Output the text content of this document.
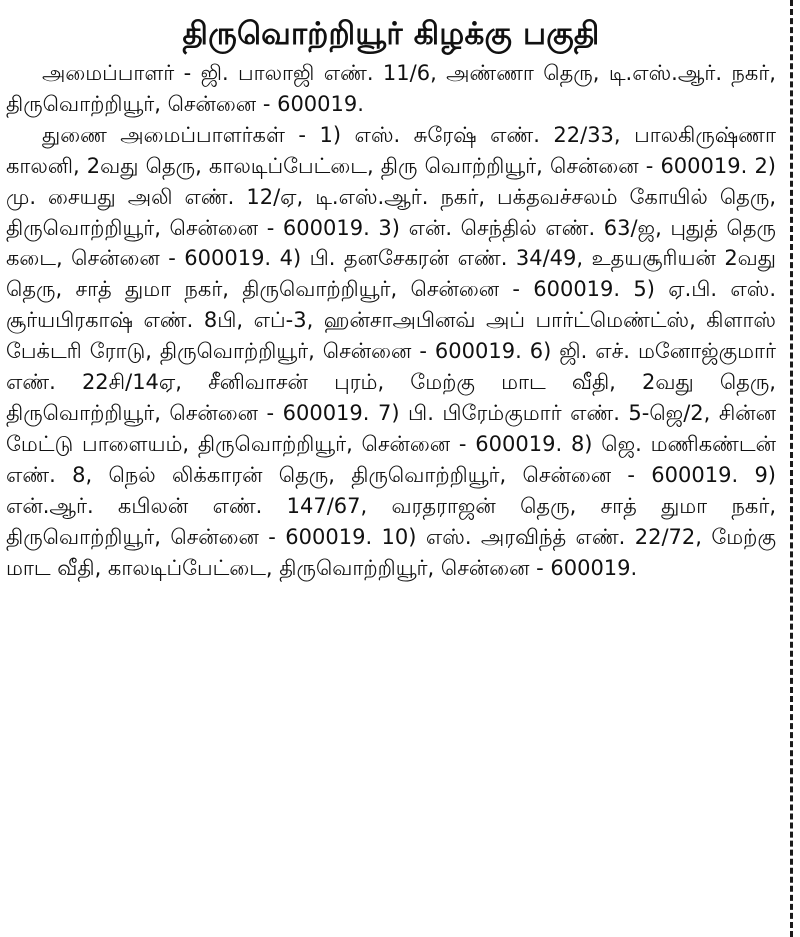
திருவொற்றியூர் கிழக்கு பகுதி

அமைப்பாளர் - ஜி. பாலாஜி எண். 11/6, அண்ணா தெரு, டி.எஸ்.ஆர். நகர், திருவொற்றியூர், சென்னை - 600019.

துணை அமைப்பாளர்கள் - 1) எஸ். சுரேஷ் எண். 22/33, பாலகிருஷ்ணா காலனி, 2வது தெரு, காலடிப்பேட்டை, திரு வொற்றியூர், சென்னை - 600019. 2) மு. சையது அலி எண். 12/ஏ, டி.எஸ்.ஆர். நகர், பக்தவச்சலம் கோயில் தெரு, திருவொற்றியூர், சென்னை - 600019. 3) என். செந்தில் எண். 63/ஜ, புதுத் தெரு கடை, சென்னை - 600019. 4) பி. தனசேகரன் எண். 34/49, உதயசூரியன் 2வது தெரு, சாத் துமா நகர், திருவொற்றியூர், சென்னை - 600019. 5) ஏ.பி. எஸ். சூர்யபிரகாஷ் எண். 8பி, எப்-3, ஹன்சாஅபினவ் அப் பார்ட்மெண்ட்ஸ், கிளாஸ் பேக்டரி ரோடு, திருவொற்றியூர், சென்னை - 600019. 6) ஜி. எச். மனோஜ்குமார் எண். 22சி/14ஏ, சீனிவாசன் புரம், மேற்கு மாட வீதி, 2வது தெரு, திருவொற்றியூர், சென்னை - 600019. 7) பி. பிரேம்குமார் எண். 5-ஜெ/2, சின்ன மேட்டு பாளையம், திருவொற்றியூர், சென்னை - 600019. 8) ஜெ. மணிகண்டன் எண். 8, நெல் லிக்காரன் தெரு, திருவொற்றியூர், சென்னை - 600019. 9) என்.ஆர். கபிலன் எண். 147/67, வரதராஜன் தெரு, சாத் துமா நகர், திருவொற்றியூர், சென்னை - 600019. 10) எஸ். அரவிந்த் எண். 22/72, மேற்கு மாட வீதி, காலடிப்பேட்டை, திருவொற்றியூர், சென்னை - 600019.
